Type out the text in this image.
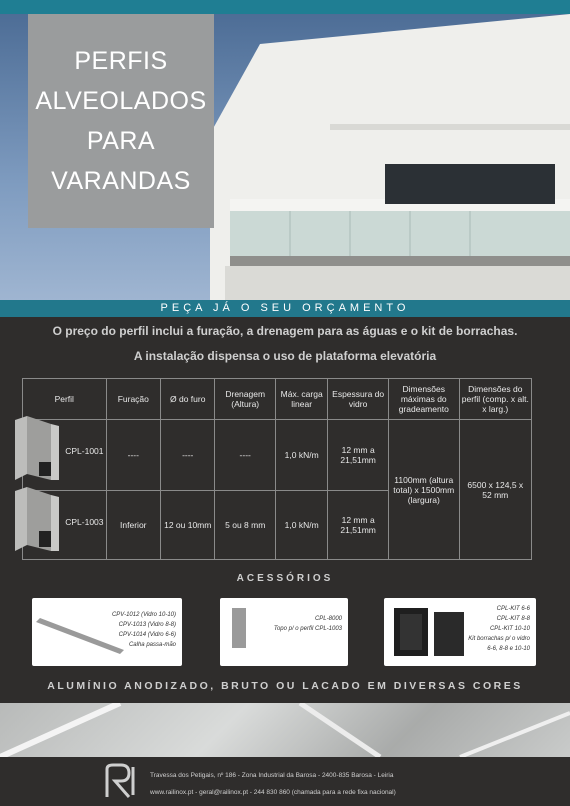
PERFIS
ALVEOLADOS
PARA
VARANDAS
PEÇA JÁ O SEU ORÇAMENTO
O preço do perfil inclui a furação, a drenagem para as águas e o kit de borrachas.
A instalação dispensa o uso de plataforma elevatória
Perfil	Furação	Ø do furo	Drenagem (Altura)	Máx. carga linear	Espessura do vidro	Dimensões máximas do gradeamento	Dimensões do perfil (comp. x alt. x larg.)

CPL-1001	----	----	----	1,0 kN/m	12 mm a 21,51mm	1100mm (altura total) x 1500mm (largura)	6500 x 124,5 x 52 mm

CPL-1003	Inferior	12 ou 10mm	5 ou 8 mm	1,0 kN/m	12 mm a 21,51mm		
ACESSÓRIOS
CPV-1012 (Vidro 10-10)
CPV-1013 (Vidro 8-8)
CPV-1014 (Vidro 6-6)
Calha passa-mão
CPL-8000
Topo p/ o perfil CPL-1003
CPL-KIT 6-6
CPL-KIT 8-8
CPL-KIT 10-10
Kit borrachas p/ o vidro 6-6, 8-8 e 10-10
ALUMÍNIO ANODIZADO, BRUTO OU LACADO EM DIVERSAS CORES
Travessa dos Petigais, nº 186 - Zona Industrial da Barosa - 2400-835 Barosa - Leiria
www.railinox.pt - geral@railinox.pt - 244 830 860 (chamada para a rede fixa nacional)
